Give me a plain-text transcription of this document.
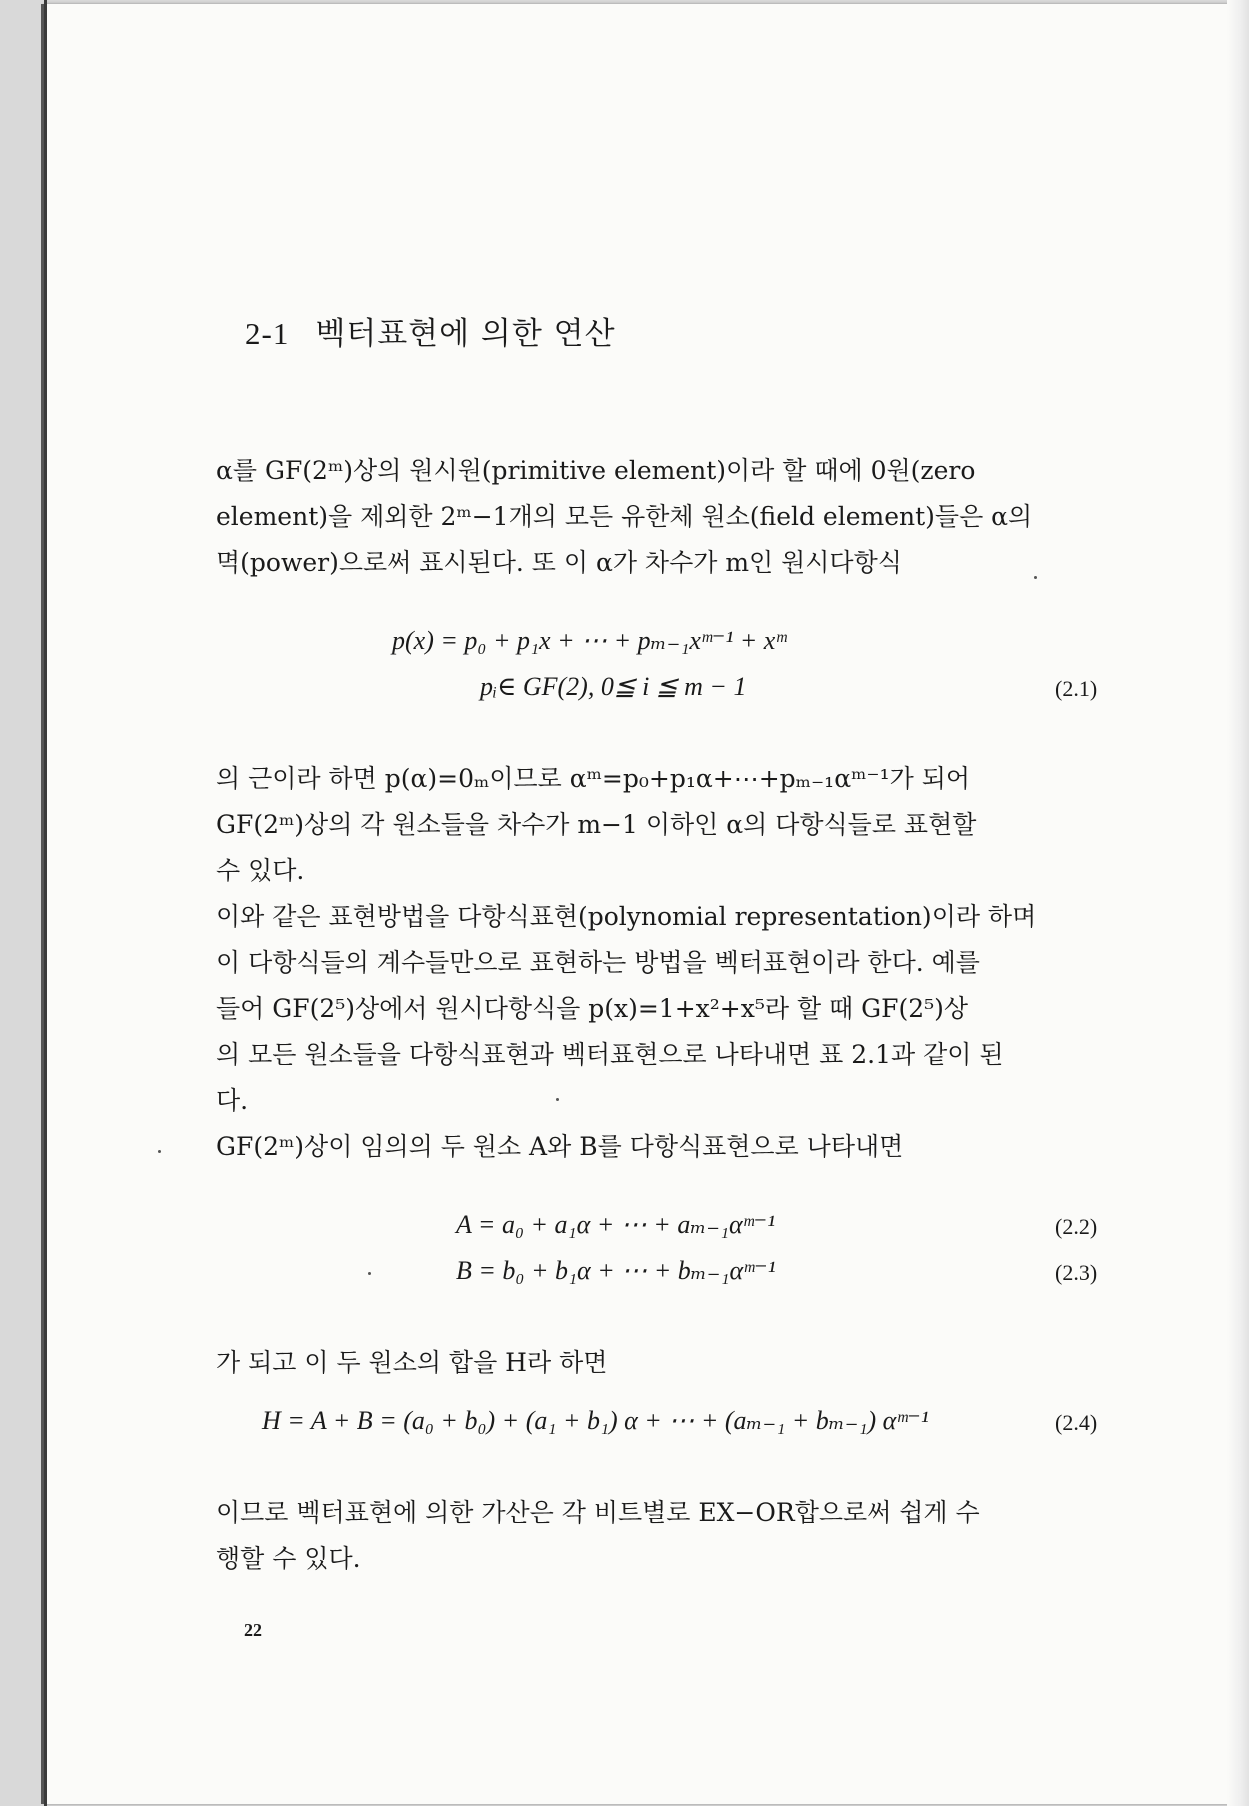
2-1 벡터표현에 의한 연산
α를 GF(2ᵐ)상의 원시원(primitive element)이라 할 때에 0원(zero
element)을 제외한 2ᵐ−1개의 모든 유한체 원소(field element)들은 α의
멱(power)으로써 표시된다. 또 이 α가 차수가 m인 원시다항식
p(x) = p₀ + p₁x + ⋯ + pₘ₋₁xᵐ⁻¹ + xᵐ
pᵢ∈ GF(2), 0≦ i ≦ m − 1	(2.1)
의 근이라 하면 p(α)=0ₘ이므로 αᵐ=p₀+p₁α+⋯+pₘ₋₁αᵐ⁻¹가 되어
GF(2ᵐ)상의 각 원소들을 차수가 m−1 이하인 α의 다항식들로 표현할
수 있다.
이와 같은 표현방법을 다항식표현(polynomial representation)이라 하며
이 다항식들의 계수들만으로 표현하는 방법을 벡터표현이라 한다. 예를
들어 GF(2⁵)상에서 원시다항식을 p(x)=1+x²+x⁵라 할 때 GF(2⁵)상
의 모든 원소들을 다항식표현과 벡터표현으로 나타내면 표 2.1과 같이 된
다.
GF(2ᵐ)상이 임의의 두 원소 A와 B를 다항식표현으로 나타내면
A = a₀ + a₁α + ⋯ + aₘ₋₁αᵐ⁻¹	(2.2)
B = b₀ + b₁α + ⋯ + bₘ₋₁αᵐ⁻¹	(2.3)
가 되고 이 두 원소의 합을 H라 하면
H = A + B = (a₀ + b₀) + (a₁ + b₁) α + ⋯ + (aₘ₋₁ + bₘ₋₁) αᵐ⁻¹	(2.4)
이므로 벡터표현에 의한 가산은 각 비트별로 EX−OR합으로써 쉽게 수
행할 수 있다.
22
